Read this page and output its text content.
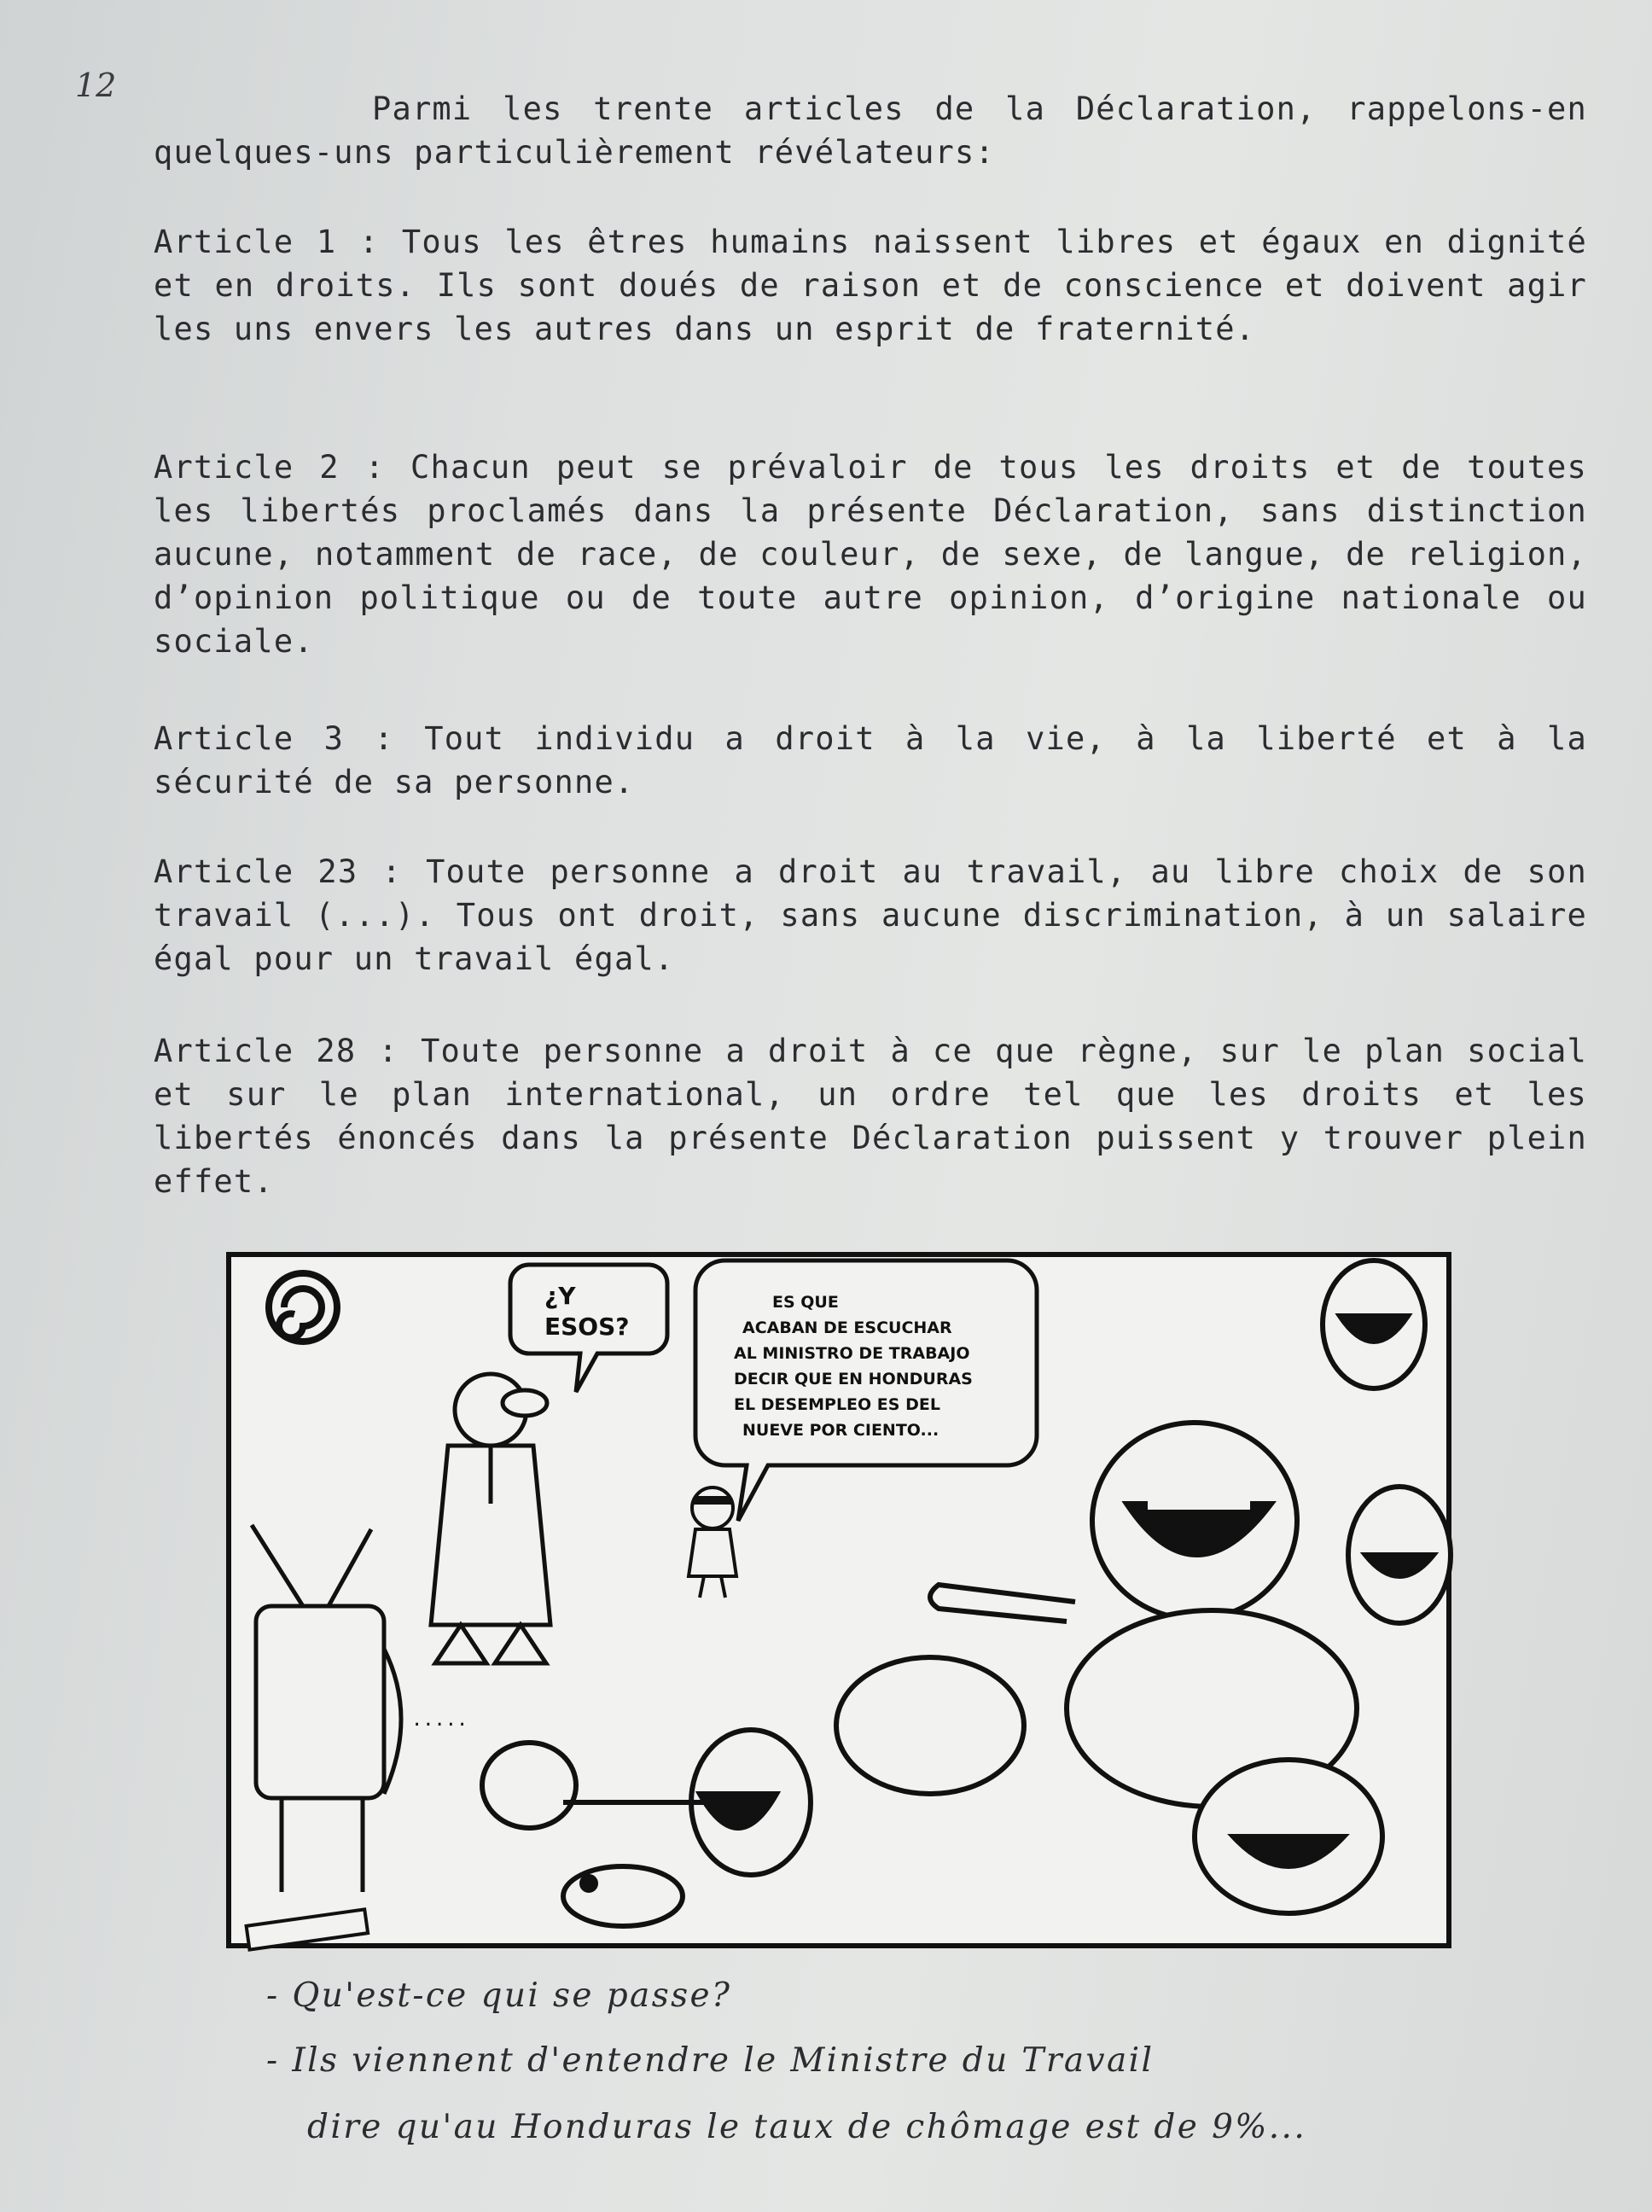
12
Parmi les trente articles de la Déclaration, rappelons-en quelques-uns particulièrement révélateurs:
Article 1 : Tous les êtres humains naissent libres et égaux en dignité et en droits. Ils sont doués de raison et de conscience et doivent agir les uns envers les autres dans un esprit de fraternité.
Article 2 : Chacun peut se prévaloir de tous les droits et de toutes les libertés proclamés dans la présente Déclaration, sans distinction aucune, notamment de race, de couleur, de sexe, de langue, de religion, d’opinion politique ou de toute autre opinion, d’origine nationale ou sociale.
Article 3 : Tout individu a droit à la vie, à la liberté et à la sécurité de sa personne.
Article 23 : Toute personne a droit au travail, au libre choix de son travail (...). Tous ont droit, sans aucune discrimination, à un salaire égal pour un travail égal.
Article 28 : Toute personne a droit à ce que règne, sur le plan social et sur le plan international, un ordre tel que les droits et les libertés énoncés dans la présente Déclaration puissent y trouver plein effet.
.....
¿Y
ESOS?
ES QUE
ACABAN DE ESCUCHAR
AL MINISTRO DE TRABAJO
DECIR QUE EN HONDURAS
EL DESEMPLEO ES DEL
NUEVE POR CIENTO...
- Qu'est-ce qui se passe?
- Ils viennent d'entendre le Ministre du Travail
dire qu'au Honduras le taux de chômage est de 9%...
